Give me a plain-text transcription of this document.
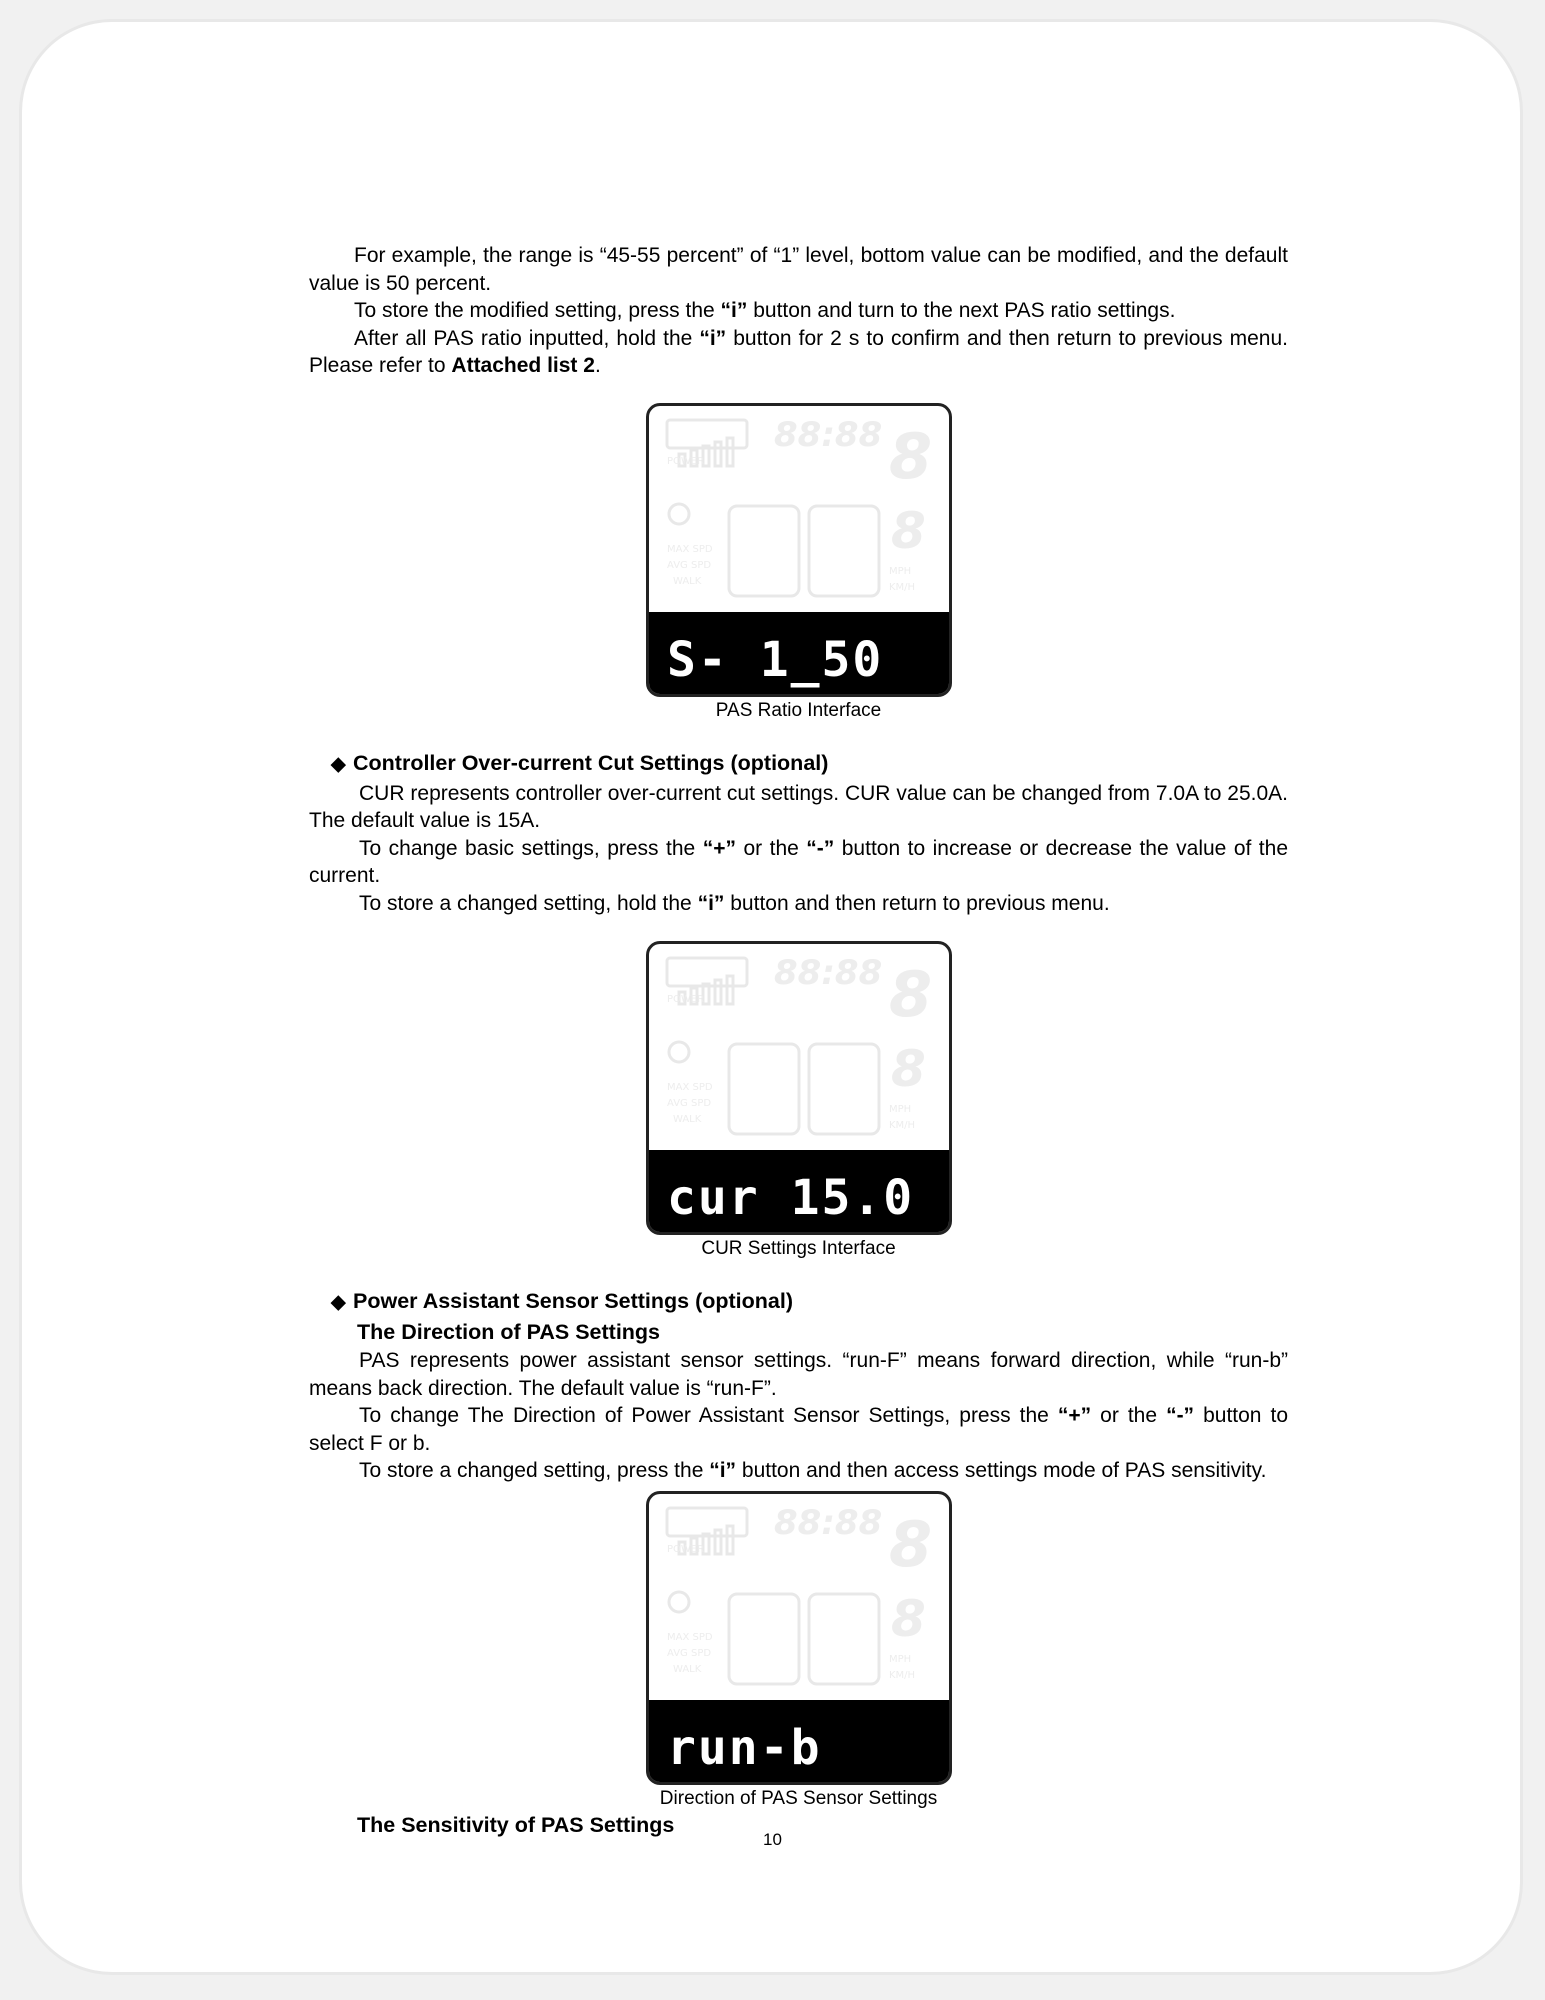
For example, the range is “45-55 percent” of “1” level, bottom value can be modified, and the default value is 50 percent.

To store the modified setting, press the “i” button and turn to the next PAS ratio settings.

After all PAS ratio inputted, hold the “i” button for 2 s to confirm and then return to previous menu. Please refer to Attached list 2.

88:88 8
8
POWER
MAX SPD
AVG SPD
WALK
MPH
KM/H
S- 1_50

PAS Ratio Interface

◆ Controller Over-current Cut Settings (optional)

CUR represents controller over-current cut settings. CUR value can be changed from 7.0A to 25.0A. The default value is 15A.

To change basic settings, press the “+” or the “-” button to increase or decrease the value of the current.

To store a changed setting, hold the “i” button and then return to previous menu.

88:88 8
8
POWER
MAX SPD
AVG SPD
WALK
MPH
KM/H
cur 15.0

CUR Settings Interface

◆ Power Assistant Sensor Settings (optional)

The Direction of PAS Settings

PAS represents power assistant sensor settings. “run-F” means forward direction, while “run-b” means back direction. The default value is “run-F”.

To change The Direction of Power Assistant Sensor Settings, press the “+” or the “-” button to select F or b.

To store a changed setting, press the “i” button and then access settings mode of PAS sensitivity.

88:88 8
8
POWER
MAX SPD
AVG SPD
WALK
MPH
KM/H
run-b

Direction of PAS Sensor Settings

The Sensitivity of PAS Settings

10
